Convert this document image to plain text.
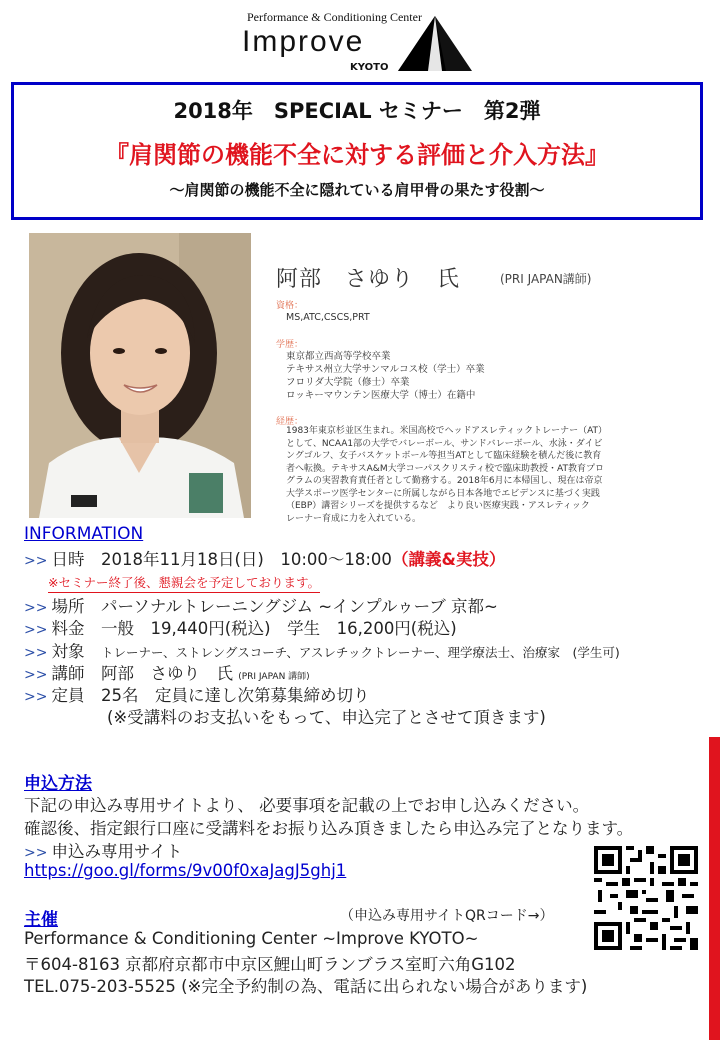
Performance & Conditioning Center
Improve
KYOTO
2018年　SPECIAL セミナー　第2弾
『肩関節の機能不全に対する評価と介入方法』
〜肩関節の機能不全に隠れている肩甲骨の果たす役割〜
阿部　さゆり　氏	(PRI JAPAN講師)
資格：
MS,ATC,CSCS,PRT
学歴：
東京都立西高等学校卒業
テキサス州立大学サンマルコス校（学士）卒業
フロリダ大学院（修士）卒業
ロッキーマウンテン医療大学（博士）在籍中
経歴：
1983年東京杉並区生まれ。米国高校でヘッドアスレティックトレーナー（AT）
として、NCAA1部の大学でバレーボール、サンドバレーボール、水泳・ダイビ
ングゴルフ、女子バスケットボール等担当ATとして臨床経験を積んだ後に教育
者へ転換。テキサスA&M大学コーパスクリスティ校で臨床助教授・AT教育プロ
グラムの実習教育責任者として勤務する。2018年6月に本帰国し、現在は帝京
大学スポーツ医学センターに所属しながら日本各地でエビデンスに基づく実践
（EBP）講習シリーズを提供するなど　より良い医療実践・アスレティック
レーナー育成に力を入れている。
INFORMATION
>> 日時　 2018年11月18日(日)　10:00〜18:00（講義&実技）
※セミナー終了後、懇親会を予定しております。
>> 場所　 パーソナルトレーニングジム ~インプルゥーブ 京都~
>> 料金　 一般　19,440円(税込)　学生　16,200円(税込)
>> 対象　 トレーナー、ストレングスコーチ、アスレチックトレーナー、理学療法士、治療家　(学生可)
>> 講師　 阿部　さゆり　氏 (PRI JAPAN 講師)
>> 定員　 25名　定員に達し次第募集締め切り
(※受講料のお支払いをもって、申込完了とさせて頂きます)
申込方法
下記の申込み専用サイトより、 必要事項を記載の上でお申し込みください。
確認後、指定銀行口座に受講料をお振り込み頂きましたら申込み完了となります。
>> 申込み専用サイト
https://goo.gl/forms/9v00f0xaJagJ5ghj1
主催	（申込み専用サイトQRコード→）
Performance & Conditioning Center ~Improve KYOTO~
〒604-8163 京都府京都市中京区鯉山町ランブラス室町六角G102
TEL.075-203-5525 (※完全予約制の為、電話に出られない場合があります)
